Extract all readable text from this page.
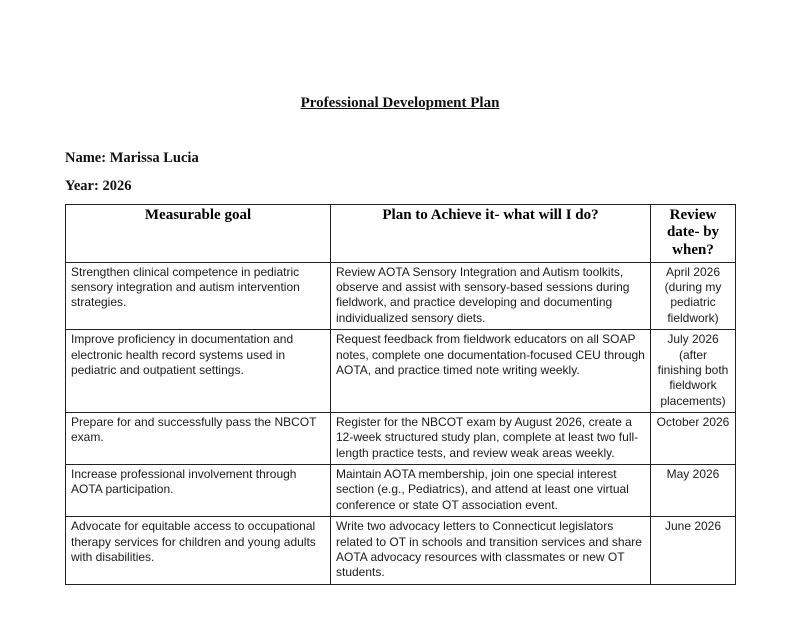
Professional Development Plan
Name: Marissa Lucia
Year: 2026
Measurable goal	Plan to Achieve it- what will I do?	Review date- by when?
Strengthen clinical competence in pediatric sensory integration and autism intervention strategies.	Review AOTA Sensory Integration and Autism toolkits, observe and assist with sensory-based sessions during fieldwork, and practice developing and documenting individualized sensory diets.	April 2026 (during my pediatric fieldwork)
Improve proficiency in documentation and electronic health record systems used in pediatric and outpatient settings.	Request feedback from fieldwork educators on all SOAP notes, complete one documentation-focused CEU through AOTA, and practice timed note writing weekly.	July 2026 (after finishing both fieldwork placements)
Prepare for and successfully pass the NBCOT exam.	Register for the NBCOT exam by August 2026, create a 12-week structured study plan, complete at least two full-length practice tests, and review weak areas weekly.	October 2026
Increase professional involvement through AOTA participation.	Maintain AOTA membership, join one special interest section (e.g., Pediatrics), and attend at least one virtual conference or state OT association event.	May 2026
Advocate for equitable access to occupational therapy services for children and young adults with disabilities.	Write two advocacy letters to Connecticut legislators related to OT in schools and transition services and share AOTA advocacy resources with classmates or new OT students.	June 2026
